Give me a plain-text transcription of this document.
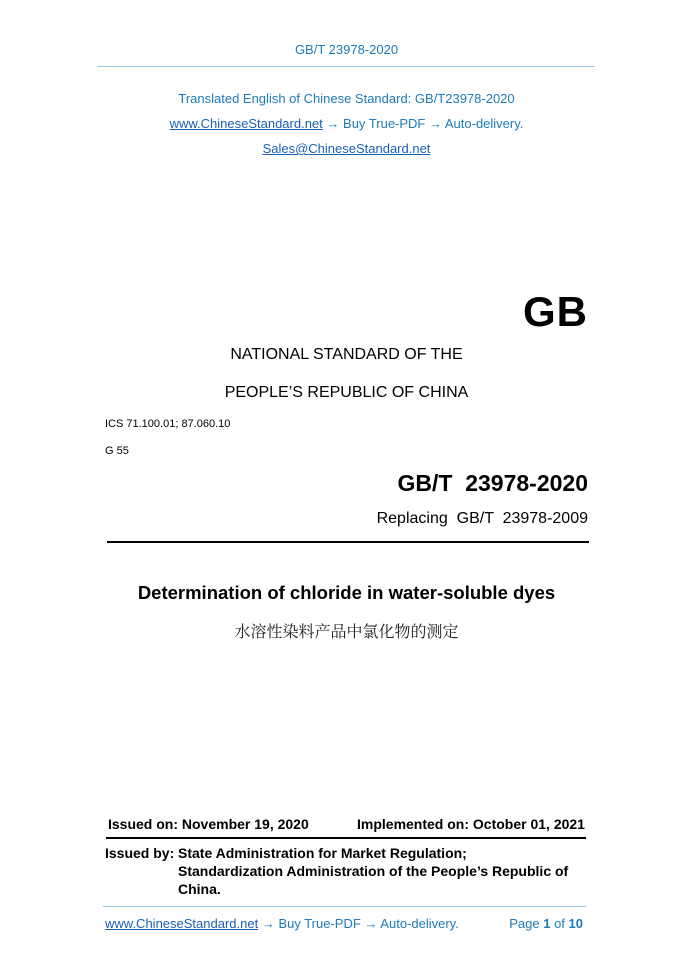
GB/T 23978-2020
Translated English of Chinese Standard: GB/T23978-2020
www.ChineseStandard.net → Buy True-PDF → Auto-delivery.
Sales@ChineseStandard.net
GB
NATIONAL STANDARD OF THE
PEOPLE’S REPUBLIC OF CHINA
ICS 71.100.01; 87.060.10
G 55
GB/T  23978-2020
Replacing  GB/T  23978-2009
Determination of chloride in water-soluble dyes
水溶性染料产品中氯化物的测定
Issued on: November 19, 2020	Implemented on: October 01, 2021
Issued by: State Administration for Market Regulation;
Standardization Administration of the People’s Republic of
China.
www.ChineseStandard.net → Buy True-PDF → Auto-delivery.	Page 1 of 10
